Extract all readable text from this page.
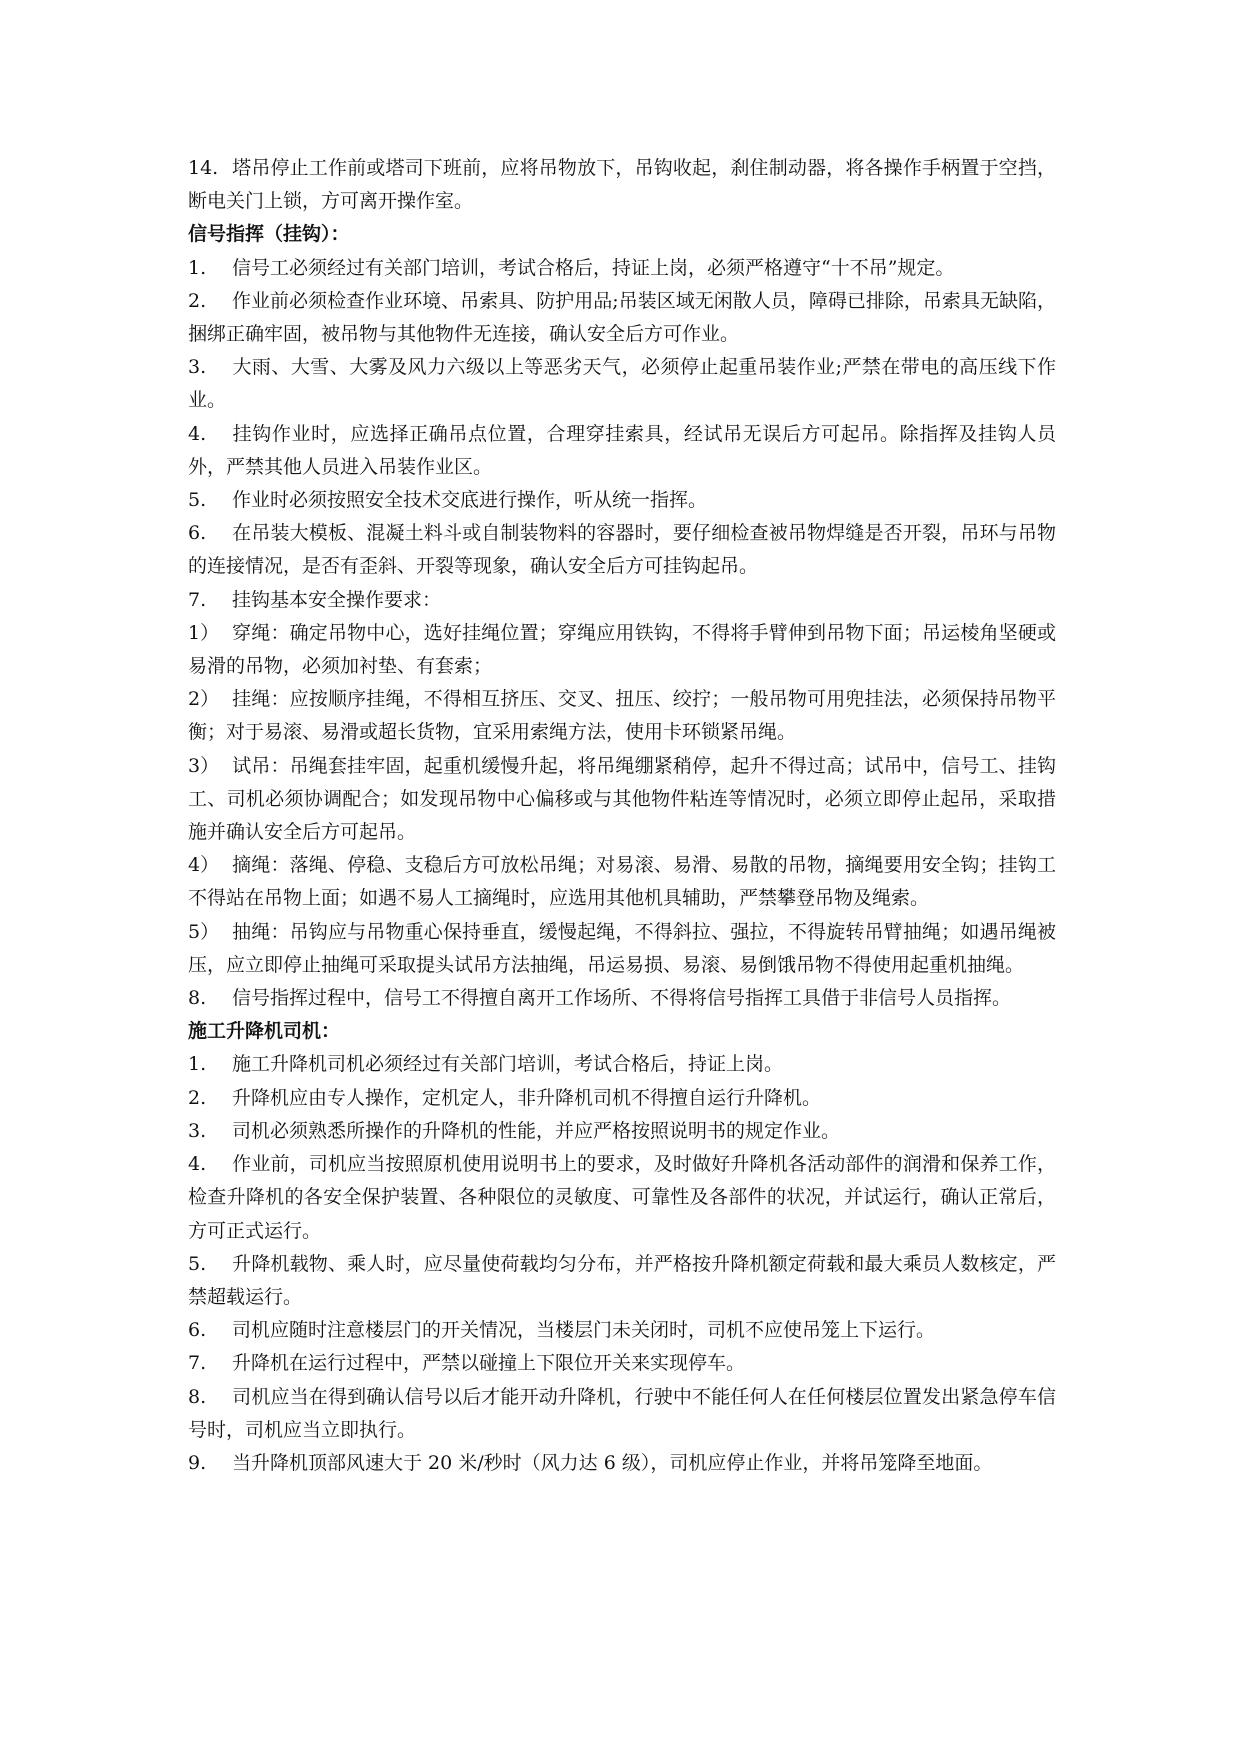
14. 塔吊停止工作前或塔司下班前，应将吊物放下，吊钩收起，刹住制动器，将各操作手柄置于空挡，断电关门上锁，方可离开操作室。

信号指挥（挂钩）：

1. 信号工必须经过有关部门培训，考试合格后，持证上岗，必须严格遵守“十不吊”规定。

2. 作业前必须检查作业环境、吊索具、防护用品;吊装区域无闲散人员，障碍已排除，吊索具无缺陷，捆绑正确牢固，被吊物与其他物件无连接，确认安全后方可作业。

3. 大雨、大雪、大雾及风力六级以上等恶劣天气，必须停止起重吊装作业;严禁在带电的高压线下作业。

4. 挂钩作业时，应选择正确吊点位置，合理穿挂索具，经试吊无误后方可起吊。除指挥及挂钩人员外，严禁其他人员进入吊装作业区。

5. 作业时必须按照安全技术交底进行操作，听从统一指挥。

6. 在吊装大模板、混凝土料斗或自制装物料的容器时，要仔细检查被吊物焊缝是否开裂，吊环与吊物的连接情况，是否有歪斜、开裂等现象，确认安全后方可挂钩起吊。

7. 挂钩基本安全操作要求：

1） 穿绳：确定吊物中心，选好挂绳位置；穿绳应用铁钩，不得将手臂伸到吊物下面；吊运棱角坚硬或易滑的吊物，必须加衬垫、有套索；

2） 挂绳：应按顺序挂绳，不得相互挤压、交叉、扭压、绞拧；一般吊物可用兜挂法，必须保持吊物平衡；对于易滚、易滑或超长货物，宜采用索绳方法，使用卡环锁紧吊绳。

3） 试吊：吊绳套挂牢固，起重机缓慢升起，将吊绳绷紧稍停，起升不得过高；试吊中，信号工、挂钩工、司机必须协调配合；如发现吊物中心偏移或与其他物件粘连等情况时，必须立即停止起吊，采取措施并确认安全后方可起吊。

4） 摘绳：落绳、停稳、支稳后方可放松吊绳；对易滚、易滑、易散的吊物，摘绳要用安全钩；挂钩工不得站在吊物上面；如遇不易人工摘绳时，应选用其他机具辅助，严禁攀登吊物及绳索。

5） 抽绳：吊钩应与吊物重心保持垂直，缓慢起绳，不得斜拉、强拉，不得旋转吊臂抽绳；如遇吊绳被压，应立即停止抽绳可采取提头试吊方法抽绳，吊运易损、易滚、易倒饿吊物不得使用起重机抽绳。

8. 信号指挥过程中，信号工不得擅自离开工作场所、不得将信号指挥工具借于非信号人员指挥。

施工升降机司机：

1. 施工升降机司机必须经过有关部门培训，考试合格后，持证上岗。

2. 升降机应由专人操作，定机定人，非升降机司机不得擅自运行升降机。

3. 司机必须熟悉所操作的升降机的性能，并应严格按照说明书的规定作业。

4. 作业前，司机应当按照原机使用说明书上的要求，及时做好升降机各活动部件的润滑和保养工作，检查升降机的各安全保护装置、各种限位的灵敏度、可靠性及各部件的状况，并试运行，确认正常后，方可正式运行。

5. 升降机载物、乘人时，应尽量使荷载均匀分布，并严格按升降机额定荷载和最大乘员人数核定，严禁超载运行。

6. 司机应随时注意楼层门的开关情况，当楼层门未关闭时，司机不应使吊笼上下运行。

7. 升降机在运行过程中，严禁以碰撞上下限位开关来实现停车。

8. 司机应当在得到确认信号以后才能开动升降机，行驶中不能任何人在任何楼层位置发出紧急停车信号时，司机应当立即执行。

9. 当升降机顶部风速大于 20 米/秒时（风力达 6 级），司机应停止作业，并将吊笼降至地面。
